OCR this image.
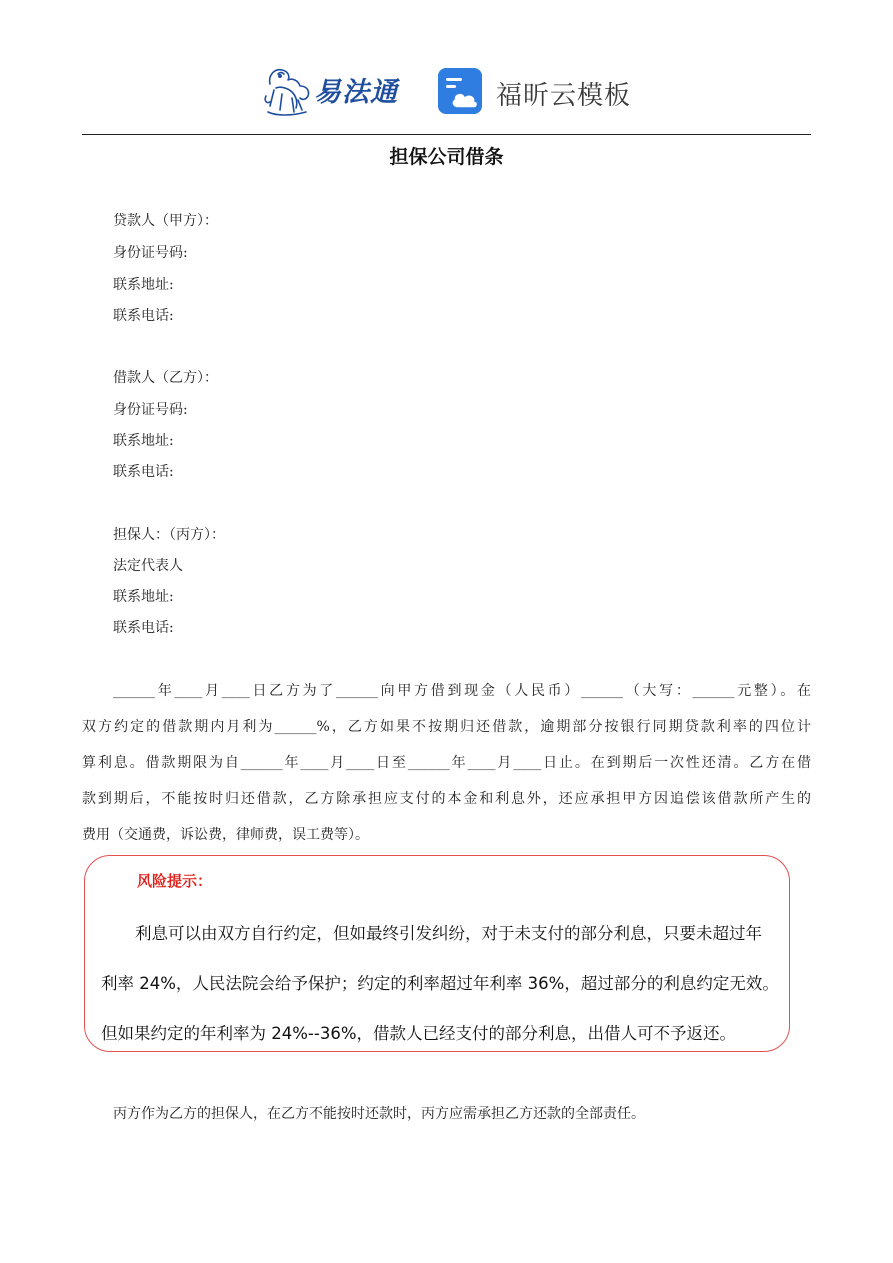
易法通	福昕云模板
担保公司借条
贷款人（甲方）：
身份证号码:
联系地址:
联系电话:
借款人（乙方）：
身份证号码:
联系地址:
联系电话:
担保人：（丙方）：
法定代表人
联系地址:
联系电话:
______年____月____日乙方为了______向甲方借到现金（人民币）______（大写：______元整）。在
双方约定的借款期内月利为______%，乙方如果不按期归还借款，逾期部分按银行同期贷款利率的四位计
算利息。借款期限为自______年____月____日至______年____月____日止。在到期后一次性还清。乙方在借
款到期后，不能按时归还借款，乙方除承担应支付的本金和利息外，还应承担甲方因追偿该借款所产生的
费用（交通费，诉讼费，律师费，误工费等）。
风险提示：
利息可以由双方自行约定，但如最终引发纠纷，对于未支付的部分利息，只要未超过年
利率 24%，人民法院会给予保护；约定的利率超过年利率 36%，超过部分的利息约定无效。
但如果约定的年利率为 24%--36%，借款人已经支付的部分利息，出借人可不予返还。
丙方作为乙方的担保人，在乙方不能按时还款时，丙方应需承担乙方还款的全部责任。
